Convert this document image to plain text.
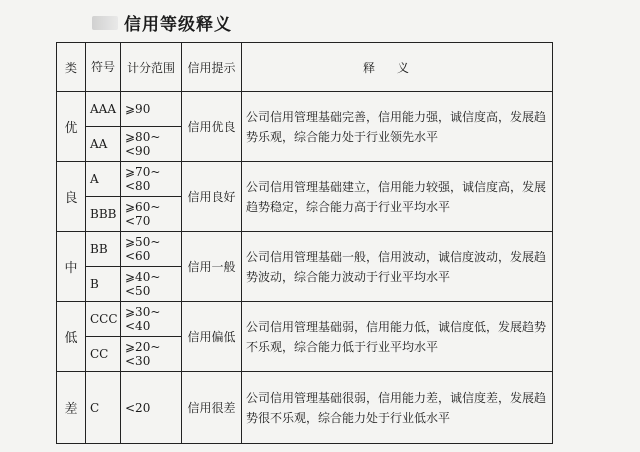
信用等级释义
类	符号	计分范围	信用提示	释义
优	AAA	⩾90	信用优良	公司信用管理基础完善，信用能力强，诚信度高，发展趋势乐观，综合能力处于行业领先水平
	AA	⩾80~<90		
良	A	⩾70~<80	信用良好	公司信用管理基础建立，信用能力较强，诚信度高，发展趋势稳定，综合能力高于行业平均水平
	BBB	⩾60~<70		
中	BB	⩾50~<60	信用一般	公司信用管理基础一般，信用波动，诚信度波动，发展趋势波动，综合能力波动于行业平均水平
	B	⩾40~<50		
低	CCC	⩾30~<40	信用偏低	公司信用管理基础弱，信用能力低，诚信度低，发展趋势不乐观，综合能力低于行业平均水平
	CC	⩾20~<30		
差	C	<20	信用很差	公司信用管理基础很弱，信用能力差，诚信度差，发展趋势很不乐观，综合能力处于行业低水平
